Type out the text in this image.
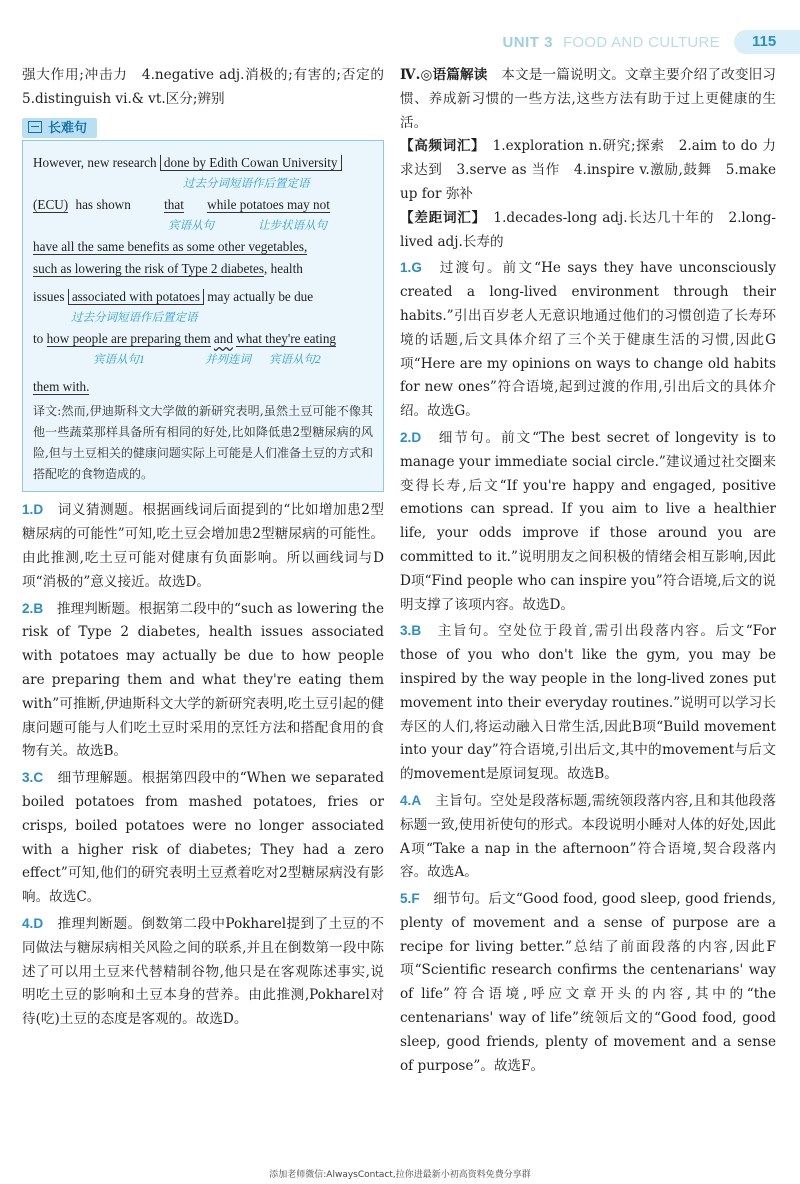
UNIT 3 FOOD AND CULTURE	115

强大作用;冲击力　4.negative adj.消极的;有害的;否定的　5.distinguish vi.& vt.区分;辨别

长难句
However, new research done by Edith Cowan University
过去分词短语作后置定语
(ECU) has shown	that while potatoes may not
宾语从句	让步状语从句
have all the same benefits as some other vegetables,
such as lowering the risk of Type 2 diabetes, health
issues associated with potatoes may actually be due
过去分词短语作后置定语
to how people are preparing them and what they're eating
宾语从句1	并列连词 宾语从句2
them with.

译文:然而,伊迪斯科文大学做的新研究表明,虽然土豆可能不像其他一些蔬菜那样具备所有相同的好处,比如降低患2型糖尿病的风险,但与土豆相关的健康问题实际上可能是人们准备土豆的方式和搭配吃的食物造成的。

1.D　 词义猜测题。根据画线词后面提到的“比如增加患2型糖尿病的可能性”可知,吃土豆会增加患2型糖尿病的可能性。由此推测,吃土豆可能对健康有负面影响。所以画线词与D项“消极的”意义接近。故选D。

2.B　 推理判断题。根据第二段中的“such as lowering the risk of Type 2 diabetes, health issues associated with potatoes may actually be due to how people are preparing them and what they're eating them with”可推断,伊迪斯科文大学的新研究表明,吃土豆引起的健康问题可能与人们吃土豆时采用的烹饪方法和搭配食用的食物有关。故选B。

3.C　 细节理解题。根据第四段中的“When we separated boiled potatoes from mashed potatoes, fries or crisps, boiled potatoes were no longer associated with a higher risk of diabetes; They had a zero effect”可知,他们的研究表明土豆煮着吃对2型糖尿病没有影响。故选C。

4.D　 推理判断题。倒数第二段中Pokharel提到了土豆的不同做法与糖尿病相关风险之间的联系,并且在倒数第一段中陈述了可以用土豆来代替精制谷物,他只是在客观陈述事实,说明吃土豆的影响和土豆本身的营养。由此推测,Pokharel对待(吃)土豆的态度是客观的。故选D。

Ⅳ.◎语篇解读　 本文是一篇说明文。文章主要介绍了改变旧习惯、养成新习惯的一些方法,这些方法有助于过上更健康的生活。

【高频词汇】　 1.exploration n.研究;探索　2.aim to do 力求达到　3.serve as 当作　4.inspire v.激励,鼓舞　5.make up for 弥补

【差距词汇】　 1.decades-long adj.长达几十年的　2.long-lived adj.长寿的

1.G　 过渡句。前文“He says they have unconsciously created a long-lived environment through their habits.”引出百岁老人无意识地通过他们的习惯创造了长寿环境的话题,后文具体介绍了三个关于健康生活的习惯,因此G项“Here are my opinions on ways to change old habits for new ones”符合语境,起到过渡的作用,引出后文的具体介绍。故选G。

2.D　 细节句。前文“The best secret of longevity is to manage your immediate social circle.”建议通过社交圈来变得长寿,后文“If you're happy and engaged, positive emotions can spread. If you aim to live a healthier life, your odds improve if those around you are committed to it.”说明朋友之间积极的情绪会相互影响,因此D项“Find people who can inspire you”符合语境,后文的说明支撑了该项内容。故选D。

3.B　 主旨句。空处位于段首,需引出段落内容。后文“For those of you who don't like the gym, you may be inspired by the way people in the long-lived zones put movement into their everyday routines.”说明可以学习长寿区的人们,将运动融入日常生活,因此B项“Build movement into your day”符合语境,引出后文,其中的movement与后文的movement是原词复现。故选B。

4.A　 主旨句。空处是段落标题,需统领段落内容,且和其他段落标题一致,使用祈使句的形式。本段说明小睡对人体的好处,因此A项“Take a nap in the afternoon”符合语境,契合段落内容。故选A。

5.F　 细节句。后文“Good food, good sleep, good friends, plenty of movement and a sense of purpose are a recipe for living better.”总结了前面段落的内容,因此F项“Scientific research confirms the centenarians' way of life”符合语境,呼应文章开头的内容,其中的“the centenarians' way of life”统领后文的“Good food, good sleep, good friends, plenty of movement and a sense of purpose”。故选F。

添加老师微信:AlwaysContact,拉你进最新小初高资料免费分享群
